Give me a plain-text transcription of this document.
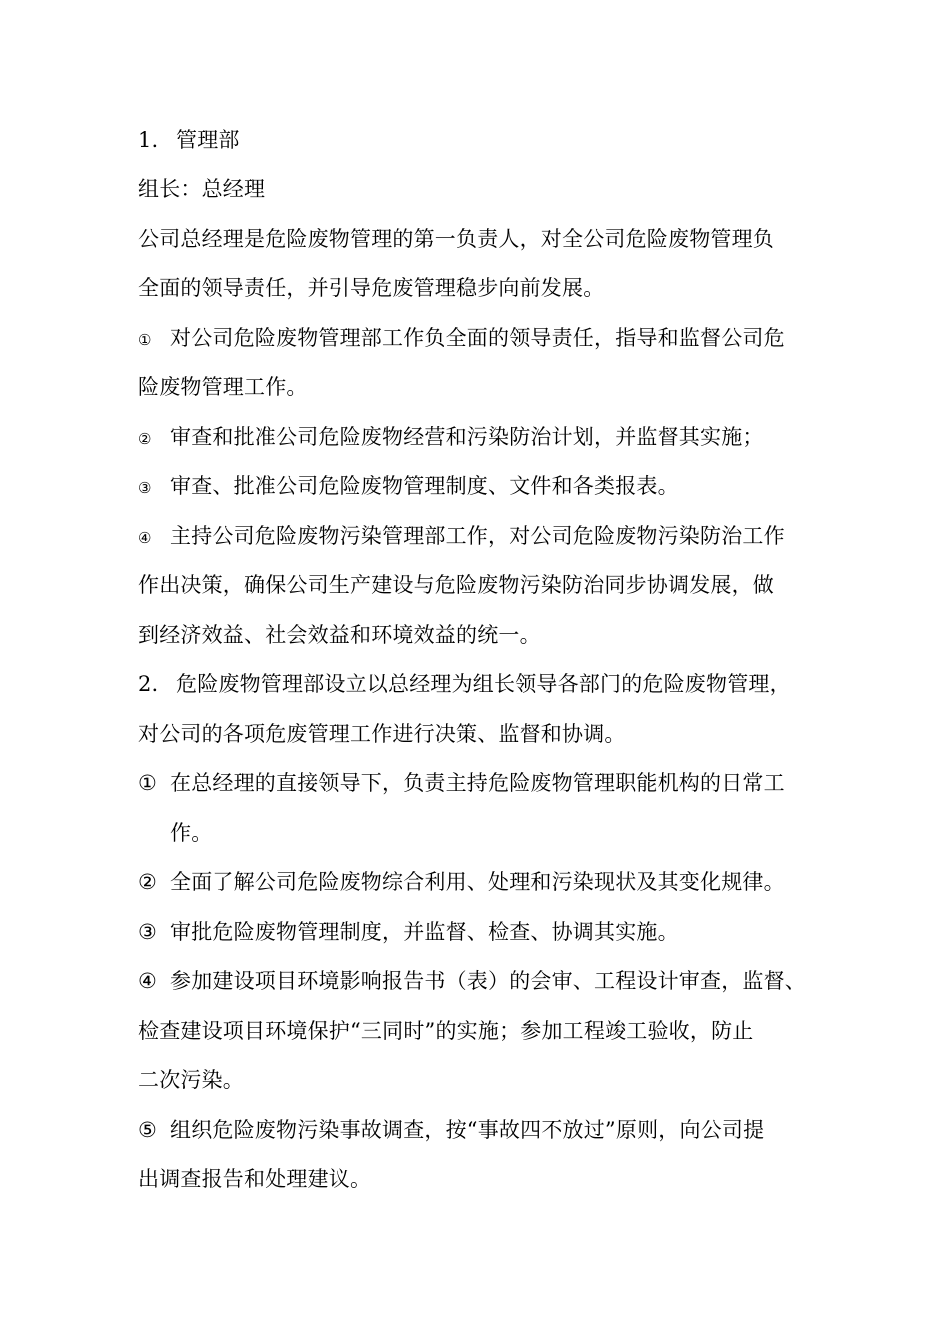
1. 管理部
组长：总经理
公司总经理是危险废物管理的第一负责人，对全公司危险废物管理负
全面的领导责任，并引导危废管理稳步向前发展。
① 对公司危险废物管理部工作负全面的领导责任，指导和监督公司危
险废物管理工作。
② 审查和批准公司危险废物经营和污染防治计划，并监督其实施；
③ 审查、批准公司危险废物管理制度、文件和各类报表。
④ 主持公司危险废物污染管理部工作，对公司危险废物污染防治工作
作出决策，确保公司生产建设与危险废物污染防治同步协调发展，做
到经济效益、社会效益和环境效益的统一。
2. 危险废物管理部设立以总经理为组长领导各部门的危险废物管理，
对公司的各项危废管理工作进行决策、监督和协调。
① 在总经理的直接领导下，负责主持危险废物管理职能机构的日常工
作。
② 全面了解公司危险废物综合利用、处理和污染现状及其变化规律。
③ 审批危险废物管理制度，并监督、检查、协调其实施。
④ 参加建设项目环境影响报告书（表）的会审、工程设计审查，监督、
检查建设项目环境保护“三同时”的实施；参加工程竣工验收，防止
二次污染。
⑤ 组织危险废物污染事故调查，按“事故四不放过”原则，向公司提
出调查报告和处理建议。
